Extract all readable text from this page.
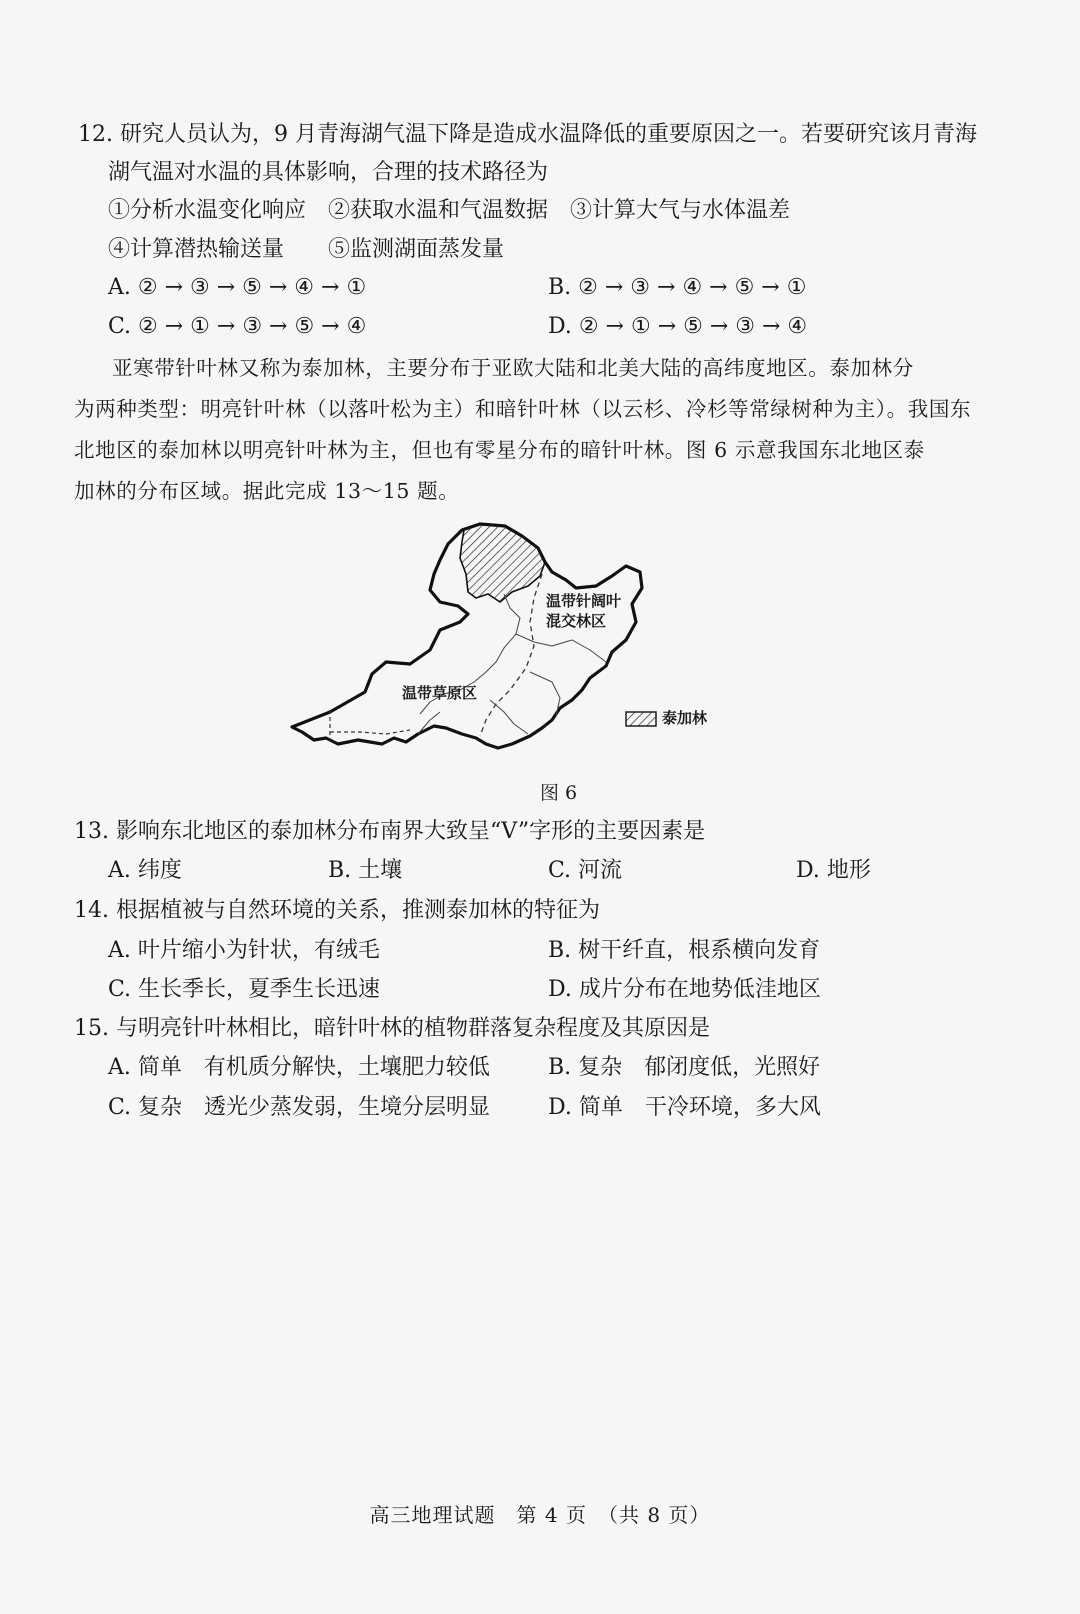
12. 研究人员认为，9 月青海湖气温下降是造成水温降低的重要原因之一。若要研究该月青海
湖气温对水温的具体影响，合理的技术路径为
①分析水温变化响应　②获取水温和气温数据　③计算大气与水体温差
④计算潜热输送量　　⑤监测湖面蒸发量
A. ② → ③ → ⑤ → ④ → ①	B. ② → ③ → ④ → ⑤ → ①
C. ② → ① → ③ → ⑤ → ④	D. ② → ① → ⑤ → ③ → ④
亚寒带针叶林又称为泰加林，主要分布于亚欧大陆和北美大陆的高纬度地区。泰加林分
为两种类型：明亮针叶林（以落叶松为主）和暗针叶林（以云杉、冷杉等常绿树种为主）。我国东
北地区的泰加林以明亮针叶林为主，但也有零星分布的暗针叶林。图 6 示意我国东北地区泰
加林的分布区域。据此完成 13～15 题。
温带针阔叶
混交林区
温带草原区
泰加林
图 6
13. 影响东北地区的泰加林分布南界大致呈“V”字形的主要因素是
A. 纬度	B. 土壤	C. 河流	D. 地形
14. 根据植被与自然环境的关系，推测泰加林的特征为
A. 叶片缩小为针状，有绒毛	B. 树干纤直，根系横向发育
C. 生长季长，夏季生长迅速	D. 成片分布在地势低洼地区
15. 与明亮针叶林相比，暗针叶林的植物群落复杂程度及其原因是
A. 简单　有机质分解快，土壤肥力较低	B. 复杂　郁闭度低，光照好
C. 复杂　透光少蒸发弱，生境分层明显	D. 简单　干冷环境，多大风
高三地理试题　第 4 页　（共 8 页）
